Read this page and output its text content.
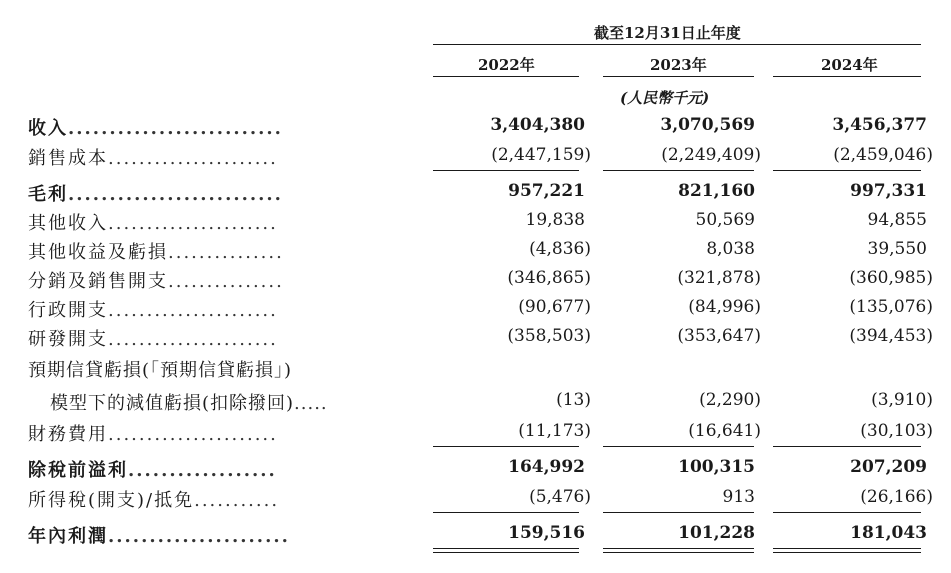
截至12月31日止年度
2022年	2023年	2024年
(人民幣千元)
收入..........................	3,404,380	3,070,569	3,456,377
銷售成本......................	(2,447,159)	(2,249,409)	(2,459,046)
毛利..........................	957,221	821,160	997,331
其他收入......................	19,838	50,569	94,855
其他收益及虧損...............	(4,836)	8,038	39,550
分銷及銷售開支...............	(346,865)	(321,878)	(360,985)
行政開支......................	(90,677)	(84,996)	(135,076)
研發開支......................	(358,503)	(353,647)	(394,453)
預期信貸虧損(「預期信貸虧損」)
模型下的減值虧損(扣除撥回).....	(13)	(2,290)	(3,910)
財務費用......................	(11,173)	(16,641)	(30,103)
除稅前溢利..................	164,992	100,315	207,209
所得稅(開支)/抵免...........	(5,476)	913	(26,166)
年內利潤......................	159,516	101,228	181,043
